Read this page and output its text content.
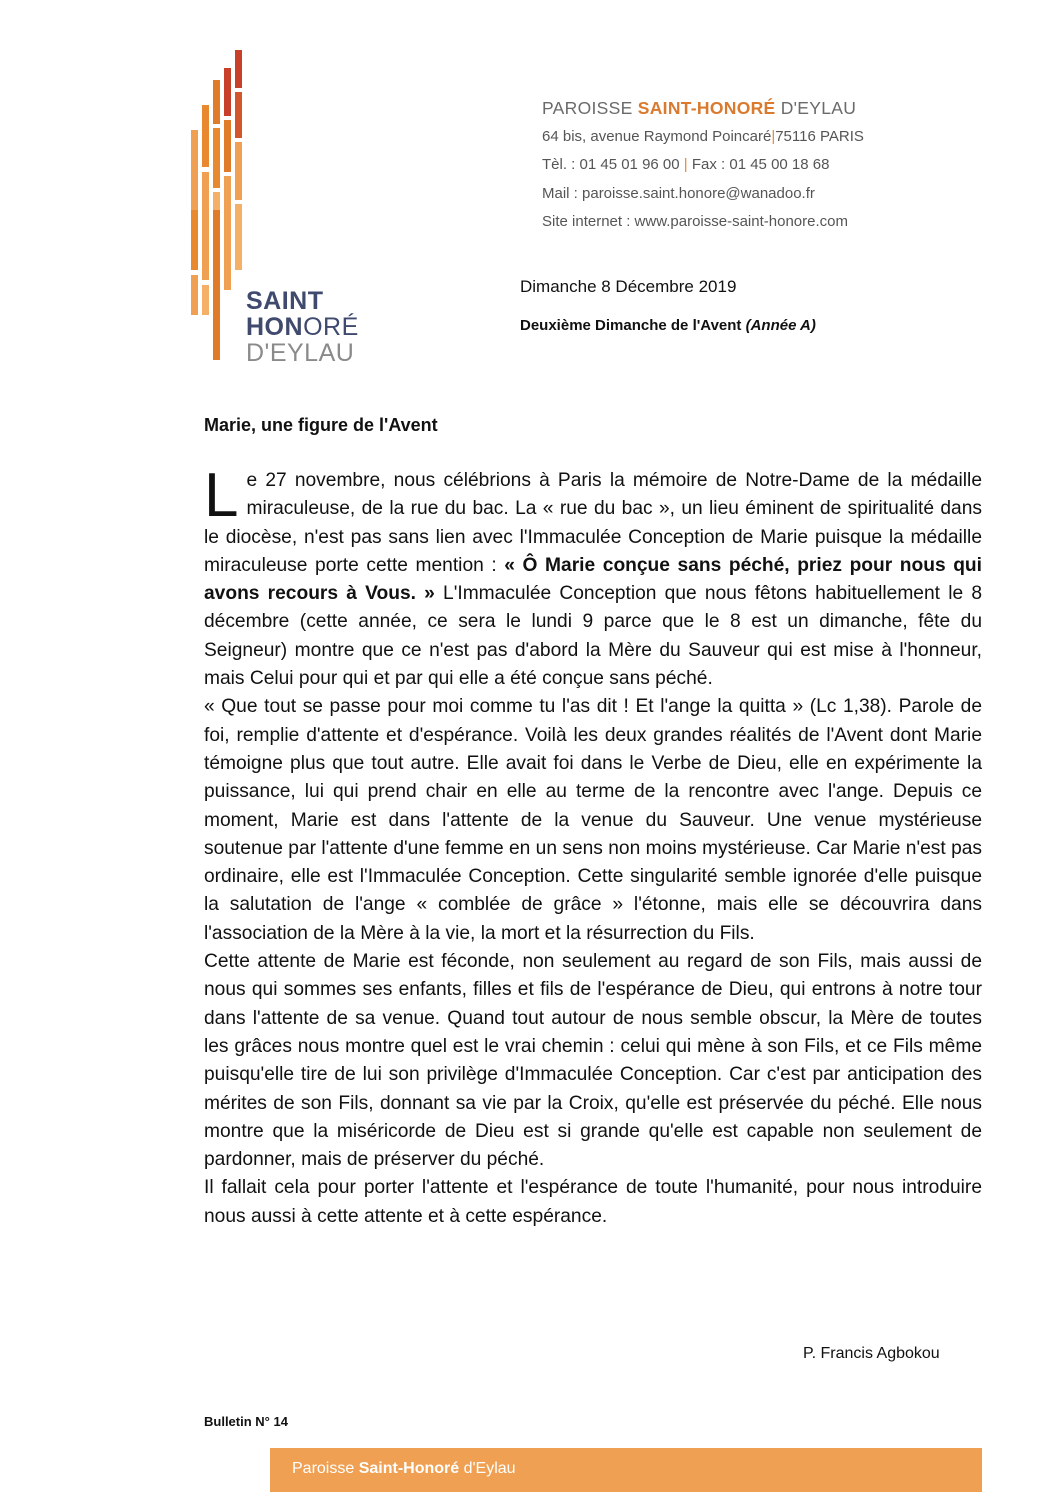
SAINT
HONORÉ
D'EYLAU
PAROISSE SAINT-HONORÉ D'EYLAU
64 bis, avenue Raymond Poincaré|75116 PARIS
Tèl. : 01 45 01 96 00 | Fax : 01 45 00 18 68
Mail : paroisse.saint.honore@wanadoo.fr
Site internet : www.paroisse-saint-honore.com
Dimanche 8 Décembre 2019
Deuxième Dimanche de l'Avent (Année A)
Marie, une figure de l'Avent

Le 27 novembre, nous célébrions à Paris la mémoire de Notre-Dame de la médaille miraculeuse, de la rue du bac. La « rue du bac », un lieu éminent de spiritualité dans le diocèse, n'est pas sans lien avec l'Immaculée Conception de Marie puisque la médaille miraculeuse porte cette mention : « Ô Marie conçue sans péché, priez pour nous qui avons recours à Vous. » L'Immaculée Conception que nous fêtons habituellement le 8 décembre (cette année, ce sera le lundi 9 parce que le 8 est un dimanche, fête du Seigneur) montre que ce n'est pas d'abord la Mère du Sauveur qui est mise à l'honneur, mais Celui pour qui et par qui elle a été conçue sans péché.

« Que tout se passe pour moi comme tu l'as dit ! Et l'ange la quitta » (Lc 1,38). Parole de foi, remplie d'attente et d'espérance. Voilà les deux grandes réalités de l'Avent dont Marie témoigne plus que tout autre. Elle avait foi dans le Verbe de Dieu, elle en expérimente la puissance, lui qui prend chair en elle au terme de la rencontre avec l'ange. Depuis ce moment, Marie est dans l'attente de la venue du Sauveur. Une venue mystérieuse soutenue par l'attente d'une femme en un sens non moins mystérieuse. Car Marie n'est pas ordinaire, elle est l'Immaculée Conception. Cette singularité semble ignorée d'elle puisque la salutation de l'ange « comblée de grâce » l'étonne, mais elle se découvrira dans l'association de la Mère à la vie, la mort et la résurrection du Fils.

Cette attente de Marie est féconde, non seulement au regard de son Fils, mais aussi de nous qui sommes ses enfants, filles et fils de l'espérance de Dieu, qui entrons à notre tour dans l'attente de sa venue. Quand tout autour de nous semble obscur, la Mère de toutes les grâces nous montre quel est le vrai chemin : celui qui mène à son Fils, et ce Fils même puisqu'elle tire de lui son privilège d'Immaculée Conception. Car c'est par anticipation des mérites de son Fils, donnant sa vie par la Croix, qu'elle est préservée du péché. Elle nous montre que la miséricorde de Dieu est si grande qu'elle est capable non seulement de pardonner, mais de préserver du péché.

Il fallait cela pour porter l'attente et l'espérance de toute l'humanité, pour nous introduire nous aussi à cette attente et à cette espérance.

P. Francis Agbokou
Bulletin N° 14
Paroisse Saint-Honoré d'Eylau
